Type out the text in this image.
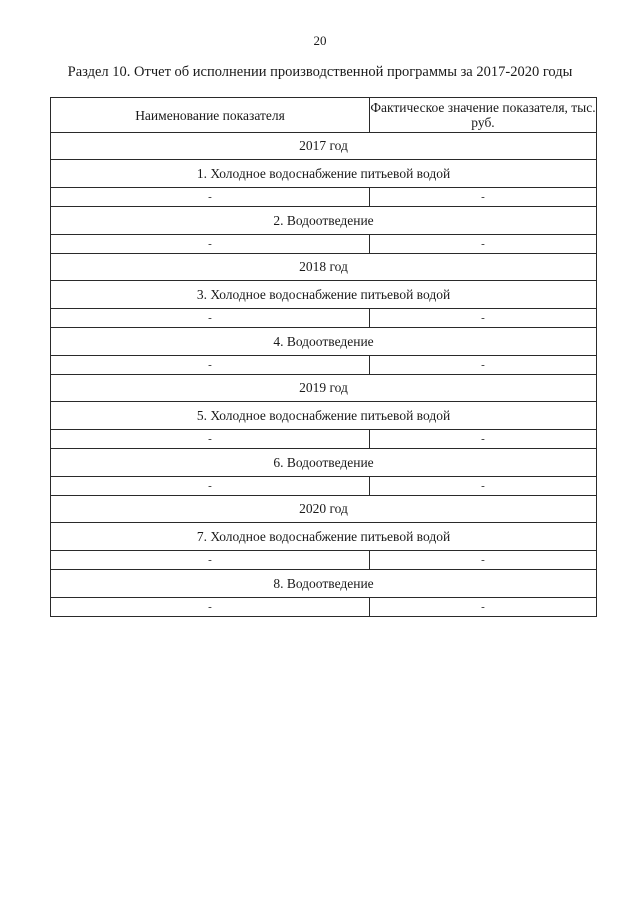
20
Раздел 10. Отчет об исполнении производственной программы за 2017-2020 годы
Наименование показателя	Фактическое значение показателя, тыс. руб.
2017 год	
1. Холодное водоснабжение питьевой водой	
-	-
2. Водоотведение	
-	-
2018 год	
3. Холодное водоснабжение питьевой водой	
-	-
4. Водоотведение	
-	-
2019 год	
5. Холодное водоснабжение питьевой водой	
-	-
6. Водоотведение	
-	-
2020 год	
7. Холодное водоснабжение питьевой водой	
-	-
8. Водоотведение	
-	-
